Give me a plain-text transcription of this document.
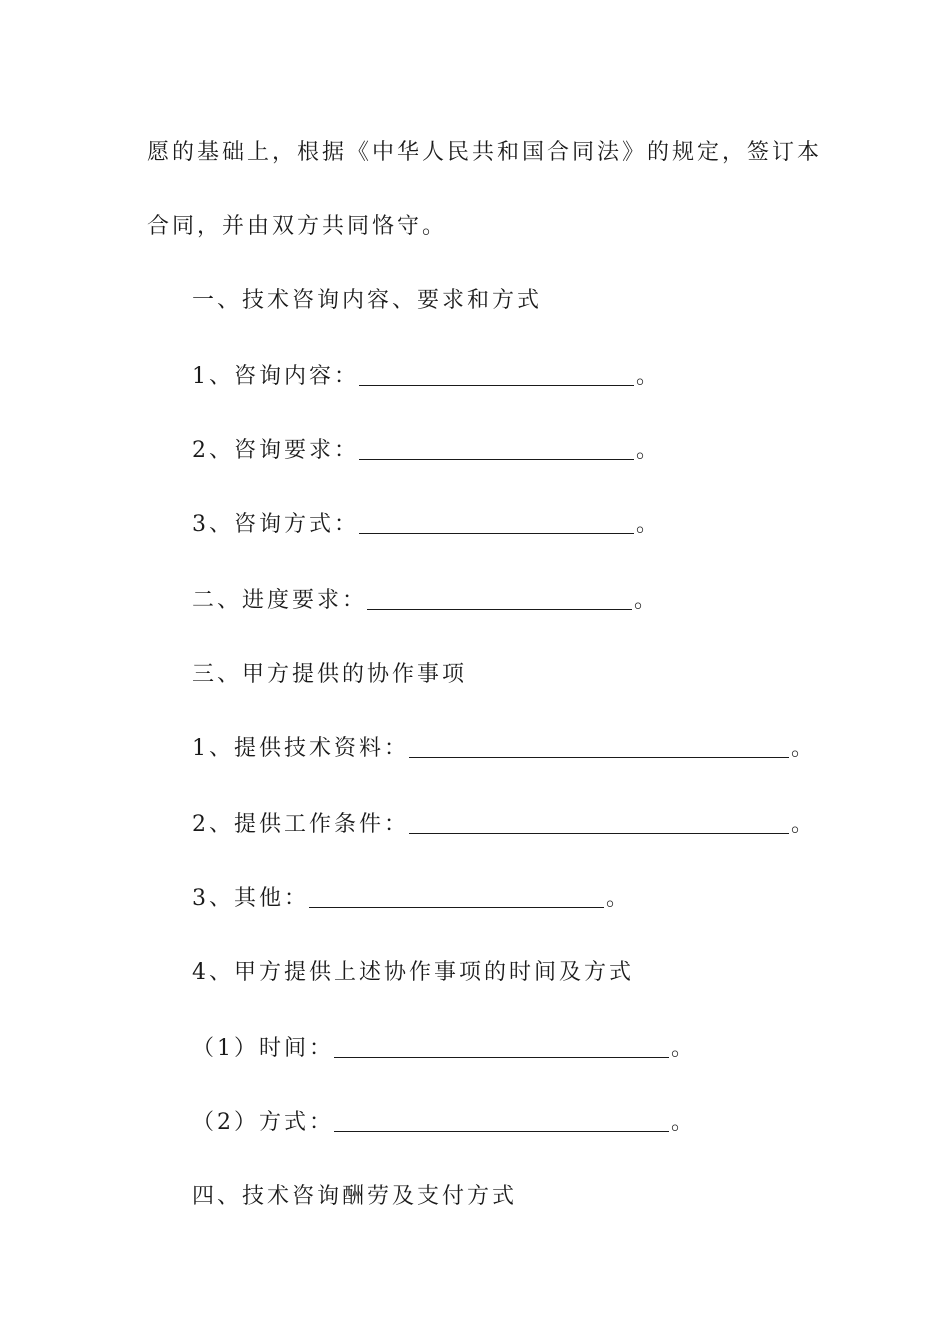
愿的基础上，根据《中华人民共和国合同法》的规定，签订本
合同，并由双方共同恪守。
一、技术咨询内容、要求和方式
1、咨询内容：	。
2、咨询要求：	。
3、咨询方式：	。
二、进度要求：	。
三、甲方提供的协作事项
1、提供技术资料：	。
2、提供工作条件：	。
3、其他：	。
4、甲方提供上述协作事项的时间及方式
（1）时间：	。
（2）方式：	。
四、技术咨询酬劳及支付方式
